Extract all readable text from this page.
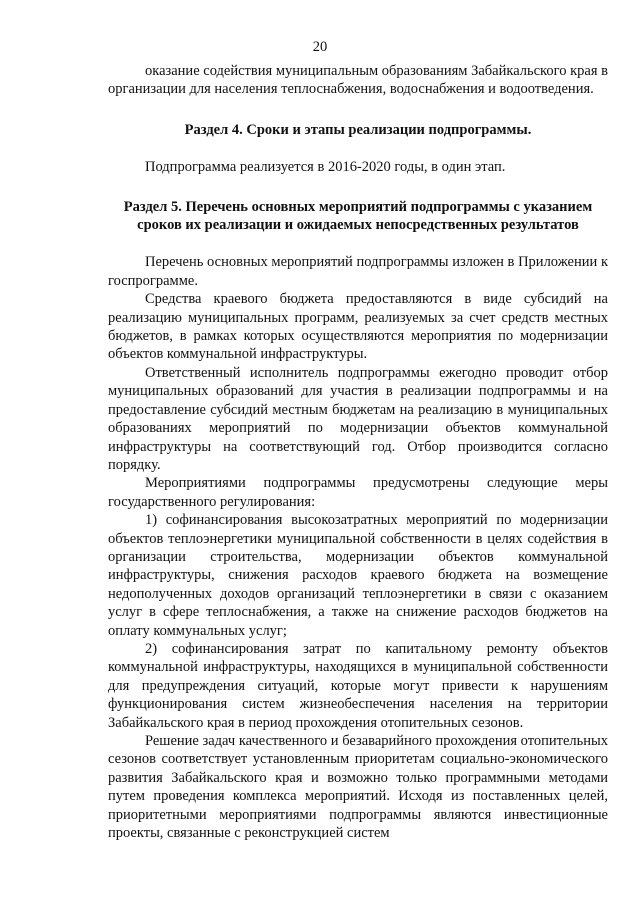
20

оказание содействия муниципальным образованиям Забайкальского края в организации для населения теплоснабжения, водоснабжения и водоотведения.

Раздел 4. Сроки и этапы реализации подпрограммы.

Подпрограмма реализуется в 2016-2020 годы, в один этап.

Раздел 5. Перечень основных мероприятий подпрограммы с указанием сроков их реализации и ожидаемых непосредственных результатов

Перечень основных мероприятий подпрограммы изложен в Приложении к госпрограмме.

Средства краевого бюджета предоставляются в виде субсидий на реализацию муниципальных программ, реализуемых за счет средств местных бюджетов, в рамках которых осуществляются мероприятия по модернизации объектов коммунальной инфраструктуры.

Ответственный исполнитель подпрограммы ежегодно проводит отбор муниципальных образований для участия в реализации подпрограммы и на предоставление субсидий местным бюджетам на реализацию в муниципальных образованиях мероприятий по модернизации объектов коммунальной инфраструктуры на соответствующий год. Отбор производится согласно порядку.

Мероприятиями подпрограммы предусмотрены следующие меры государственного регулирования:

1) софинансирования высокозатратных мероприятий по модернизации объектов теплоэнергетики муниципальной собственности в целях содействия в организации строительства, модернизации объектов коммунальной инфраструктуры, снижения расходов краевого бюджета на возмещение недополученных доходов организаций теплоэнергетики в связи с оказанием услуг в сфере теплоснабжения, а также на снижение расходов бюджетов на оплату коммунальных услуг;

2) софинансирования затрат по капитальному ремонту объектов коммунальной инфраструктуры, находящихся в муниципальной собственности для предупреждения ситуаций, которые могут привести к нарушениям функционирования систем жизнеобеспечения населения на территории Забайкальского края в период прохождения отопительных сезонов.

Решение задач качественного и безаварийного прохождения отопительных сезонов соответствует установленным приоритетам социально-экономического развития Забайкальского края и возможно только программными методами путем проведения комплекса мероприятий. Исходя из поставленных целей, приоритетными мероприятиями подпрограммы являются инвестиционные проекты, связанные с реконструкцией систем
